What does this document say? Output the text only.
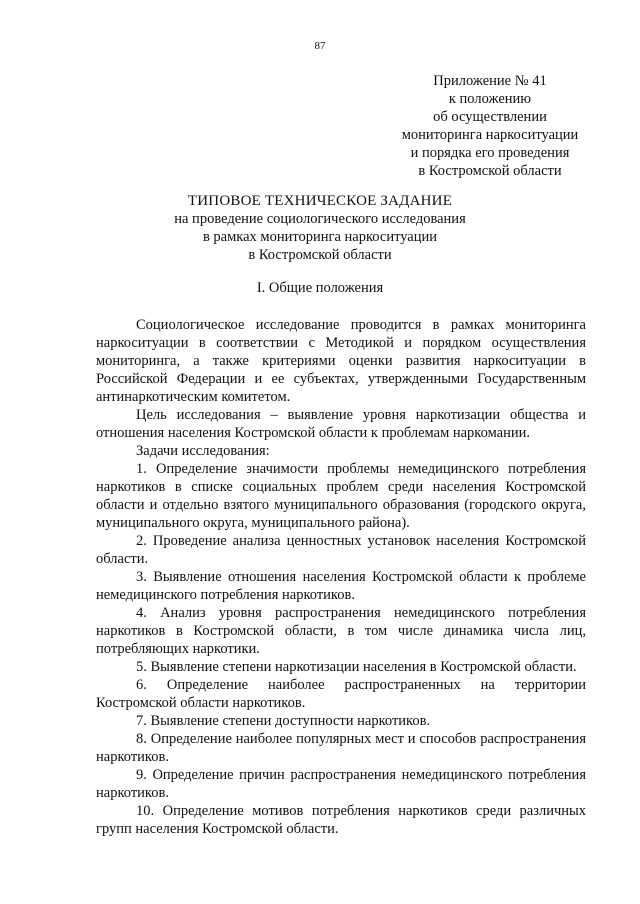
87
Приложение № 41
к положению
об осуществлении
мониторинга наркоситуации
и порядка его проведения
в Костромской области
ТИПОВОЕ ТЕХНИЧЕСКОЕ ЗАДАНИЕ
на проведение социологического исследования
в рамках мониторинга наркоситуации
в Костромской области
I. Общие положения

Социологическое исследование проводится в рамках мониторинга наркоситуации в соответствии с Методикой и порядком осуществления мониторинга, а также критериями оценки развития наркоситуации в Российской Федерации и ее субъектах, утвержденными Государственным антинаркотическим комитетом.

Цель исследования – выявление уровня наркотизации общества и отношения населения Костромской области к проблемам наркомании.

Задачи исследования:

1. Определение значимости проблемы немедицинского потребления наркотиков в списке социальных проблем среди населения Костромской области и отдельно взятого муниципального образования (городского округа, муниципального округа, муниципального района).

2. Проведение анализа ценностных установок населения Костромской области.

3. Выявление отношения населения Костромской области к проблеме немедицинского потребления наркотиков.

4. Анализ уровня распространения немедицинского потребления наркотиков в Костромской области, в том числе динамика числа лиц, потребляющих наркотики.

5. Выявление степени наркотизации населения в Костромской области.

6. Определение наиболее распространенных на территории Костромской области наркотиков.

7. Выявление степени доступности наркотиков.

8. Определение наиболее популярных мест и способов распространения наркотиков.

9. Определение причин распространения немедицинского потребления наркотиков.

10. Определение мотивов потребления наркотиков среди различных групп населения Костромской области.
